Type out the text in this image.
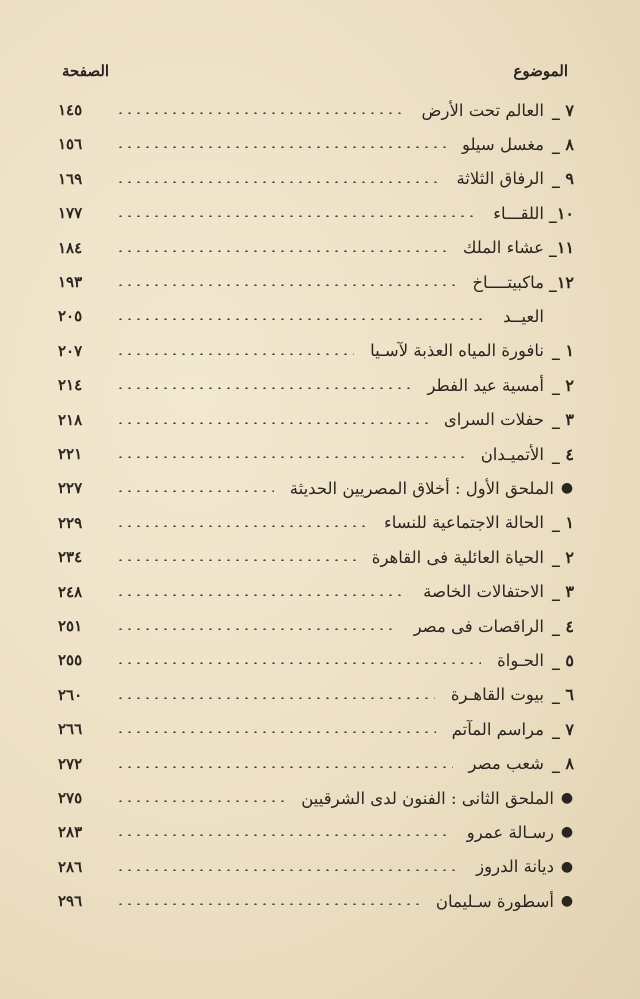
الموضوع
الصفحة
٧ _
العالم تحت الأرض
١٤٥
٨ _
مغسل سيلو
١٥٦
٩ _
الرفاق الثلاثة
١٦٩
١٠_
اللقـــاء
١٧٧
١١_
عشاء الملك
١٨٤
١٢_
ماكبيتــــاخ
١٩٣
العيــد
٢٠٥
١ _
نافورة المياه العذبة لآسـيا
٢٠٧
٢ _
أمسية عيد الفطر
٢١٤
٣ _
حفلات السراى
٢١٨
٤ _
الأتميـدان
٢٢١
●
الملحق الأول : أخلاق المصريين الحديثة
٢٢٧
١ _
الحالة الاجتماعية للنساء
٢٢٩
٢ _
الحياة العائلية فى القاهرة
٢٣٤
٣ _
الاحتفالات الخاصة
٢٤٨
٤ _
الراقصات فى مصر
٢٥١
٥ _
الحـواة
٢٥٥
٦ _
بيوت القاهـرة
٢٦٠
٧ _
مراسم المآتم
٢٦٦
٨ _
شعب مصر
٢٧٢
●
الملحق الثانى : الفنون لدى الشرقيين
٢٧٥
●
رسـالة عمرو
٢٨٣
●
ديانة الدروز
٢٨٦
●
أسطورة سـليمان
٢٩٦
